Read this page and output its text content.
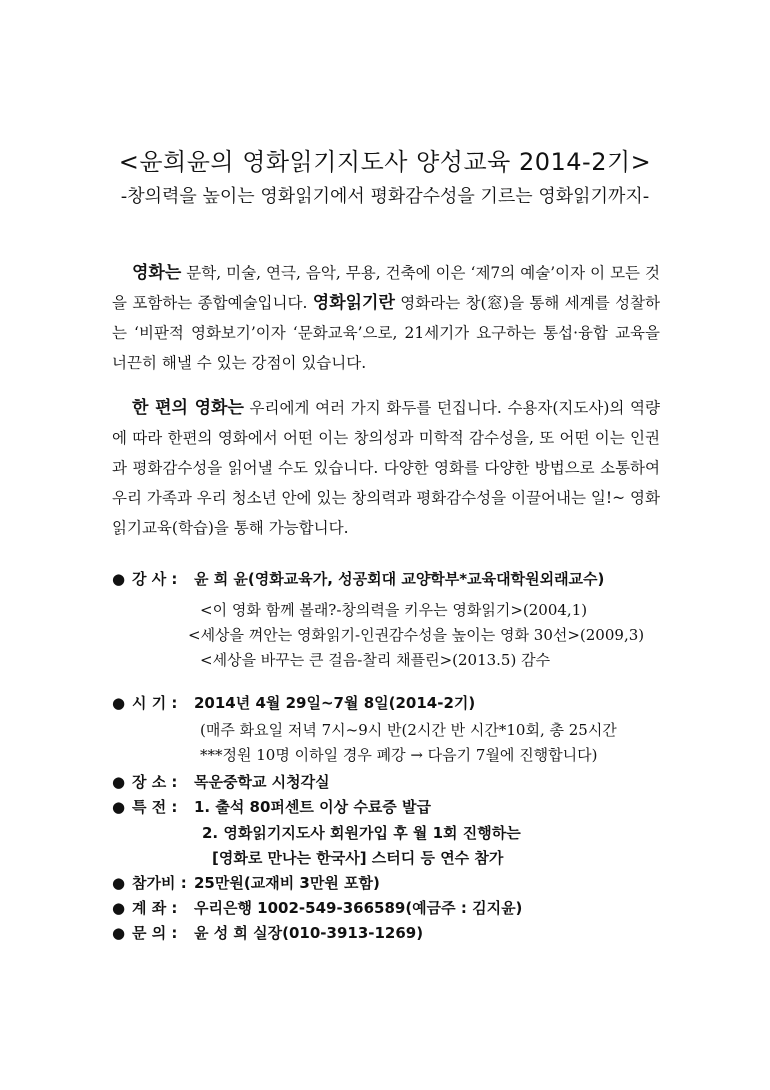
<윤희윤의 영화읽기지도사 양성교육 2014-2기>
-창의력을 높이는 영화읽기에서 평화감수성을 기르는 영화읽기까지-
영화는 문학, 미술, 연극, 음악, 무용, 건축에 이은 ‘제7의 예술’이자 이 모든 것을 포함하는 종합예술입니다. 영화읽기란 영화라는 창(窓)을 통해 세계를 성찰하는 ‘비판적 영화보기’이자 ‘문화교육’으로, 21세기가 요구하는 통섭·융합 교육을 너끈히 해낼 수 있는 강점이 있습니다.
한 편의 영화는 우리에게 여러 가지 화두를 던집니다. 수용자(지도사)의 역량에 따라 한편의 영화에서 어떤 이는 창의성과 미학적 감수성을, 또 어떤 이는 인권과 평화감수성을 읽어낼 수도 있습니다. 다양한 영화를 다양한 방법으로 소통하여 우리 가족과 우리 청소년 안에 있는 창의력과 평화감수성을 이끌어내는 일!~ 영화읽기교육(학습)을 통해 가능합니다.
● 강 사 : 윤 희 윤(영화교육가, 성공회대 교양학부*교육대학원외래교수)
<이 영화 함께 볼래?-창의력을 키우는 영화읽기>(2004,1)
<세상을 껴안는 영화읽기-인권감수성을 높이는 영화 30선>(2009,3)
<세상을 바꾸는 큰 걸음-찰리 채플린>(2013.5) 감수
● 시 기 : 2014년 4월 29일~7월 8일(2014-2기)
(매주 화요일 저녁 7시~9시 반(2시간 반 시간*10회, 총 25시간
***정원 10명 이하일 경우 폐강 → 다음기 7월에 진행합니다)
● 장 소 : 목운중학교 시청각실
● 특 전 : 1. 출석 80퍼센트 이상 수료증 발급
2. 영화읽기지도사 회원가입 후 월 1회 진행하는
[영화로 만나는 한국사] 스터디 등 연수 참가
● 참가비 : 25만원(교재비 3만원 포함)
● 계 좌 : 우리은행 1002-549-366589(예금주 : 김지윤)
● 문 의 : 윤 성 희 실장(010-3913-1269)
